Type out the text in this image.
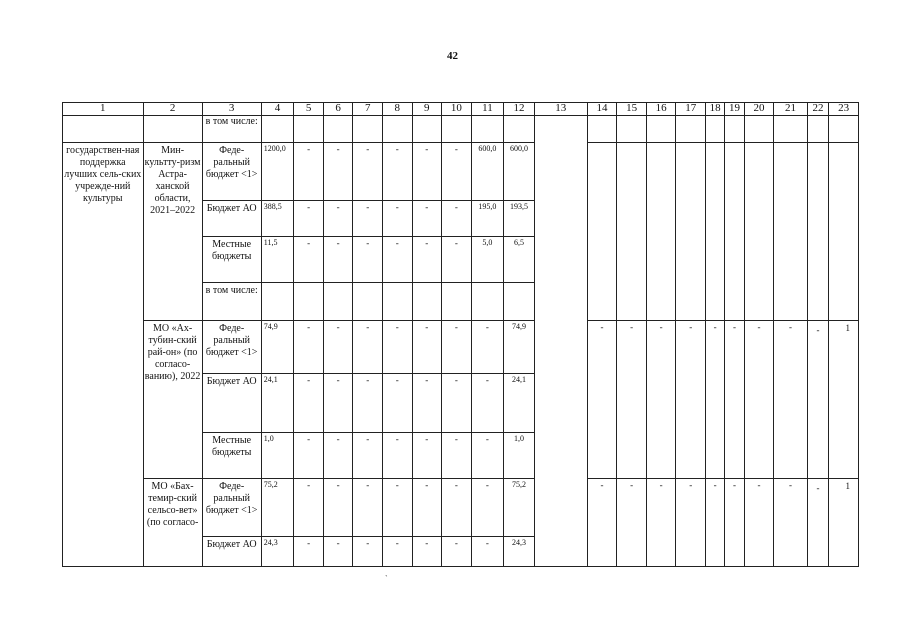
42
1	2	3	4	5	6	7	8	9	10	11	12	13	14	15	16	17	18	19	20	21	22	23
		в том числе:																				
государствен-ная поддержка лучших сель-ских учрежде-ний культуры	Мин-культту-ризм Астра-ханской области, 2021–2022	Феде-ральный бюджет <1>	1200,0	-	-	-	-	-	-	600,0	600,0											
		Бюджет АО	388,5	-	-	-	-	-	-	195,0	193,5											
		Местные бюджеты	11,5	-	-	-	-	-	-	5,0	6,5											
		в том числе:																				
	МО «Ах-тубин-ский рай-он» (по согласо-ванию), 2022	Феде-ральный бюджет <1>	74,9	-	-	-	-	-	-	-	74,9		-	-	-	-	-	-	-	-	-	1
		Бюджет АО	24,1	-	-	-	-	-	-	-	24,1											
		Местные бюджеты	1,0	-	-	-	-	-	-	-	1,0											
	МО «Бах-темир-ский сельсо-вет» (по согласо-	Феде-ральный бюджет <1>	75,2	-	-	-	-	-	-	-	75,2		-	-	-	-	-	-	-	-	-	1
		Бюджет АО	24,3	-	-	-	-	-	-	-	24,3											
`
